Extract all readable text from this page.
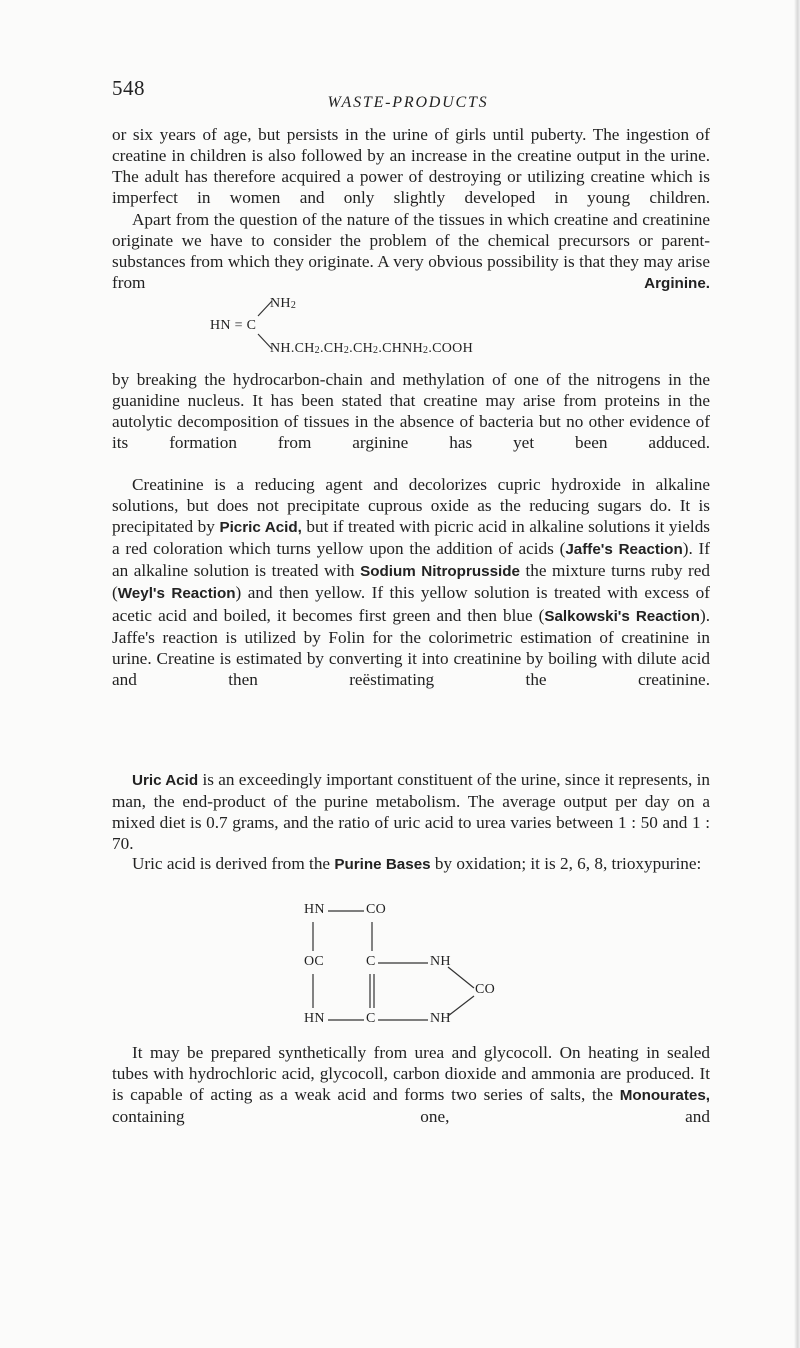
548
WASTE-PRODUCTS

or six years of age, but persists in the urine of girls until puberty. The ingestion of creatine in children is also followed by an increase in the creatine output in the urine. The adult has therefore acquired a power of destroying or utilizing creatine which is imperfect in women and only slightly developed in young children.

Apart from the question of the nature of the tissues in which creatine and creatinine originate we have to consider the problem of the chemical precursors or parent-substances from which they originate. A very obvious possibility is that they may arise from Arginine.

$NH_2$
HN = C
$NH.CH_2.CH_2.CH_2.CHNH_2.COOH$

by breaking the hydrocarbon-chain and methylation of one of the nitrogens in the guanidine nucleus. It has been stated that creatine may arise from proteins in the autolytic decomposition of tissues in the absence of bacteria but no other evidence of its formation from arginine has yet been adduced.

Creatinine is a reducing agent and decolorizes cupric hydroxide in alkaline solutions, but does not precipitate cuprous oxide as the reducing sugars do. It is precipitated by Picric Acid, but if treated with picric acid in alkaline solutions it yields a red coloration which turns yellow upon the addition of acids (Jaffe's Reaction). If an alkaline solution is treated with Sodium Nitroprusside the mixture turns ruby red (Weyl's Reaction) and then yellow. If this yellow solution is treated with excess of acetic acid and boiled, it becomes first green and then blue (Salkowski's Reaction). Jaffe's reaction is utilized by Folin for the colorimetric estimation of creatinine in urine. Creatine is estimated by converting it into creatinine by boiling with dilute acid and then reëstimating the creatinine.

Uric Acid is an exceedingly important constituent of the urine, since it represents, in man, the end-product of the purine metabolism. The average output per day on a mixed diet is 0.7 grams, and the ratio of uric acid to urea varies between 1 : 50 and 1 : 70.

Uric acid is derived from the Purine Bases by oxidation; it is 2, 6, 8, trioxypurine:

HN	CO
OC	C	NH
CO
HN	C	NH

It may be prepared synthetically from urea and glycocoll. On heating in sealed tubes with hydrochloric acid, glycocoll, carbon dioxide and ammonia are produced. It is capable of acting as a weak acid and forms two series of salts, the Monourates, containing one, and
